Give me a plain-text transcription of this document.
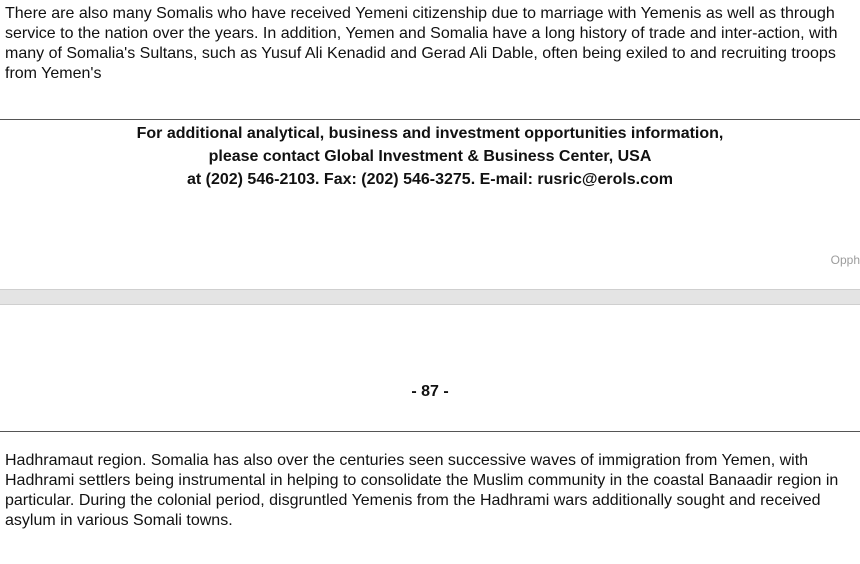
There are also many Somalis who have received Yemeni citizenship due to marriage with Yemenis as well as through service to the nation over the years. In addition, Yemen and Somalia have a long history of trade and inter-action, with many of Somalia's Sultans, such as Yusuf Ali Kenadid and Gerad Ali Dable, often being exiled to and recruiting troops from Yemen's

For additional analytical, business and investment opportunities information,
please contact Global Investment & Business Center, USA
at (202) 546-2103. Fax: (202) 546-3275. E-mail: rusric@erols.com

Opph

- 87 -

Hadhramaut region. Somalia has also over the centuries seen successive waves of immigration from Yemen, with Hadhrami settlers being instrumental in helping to consolidate the Muslim community in the coastal Banaadir region in particular. During the colonial period, disgruntled Yemenis from the Hadhrami wars additionally sought and received asylum in various Somali towns.
